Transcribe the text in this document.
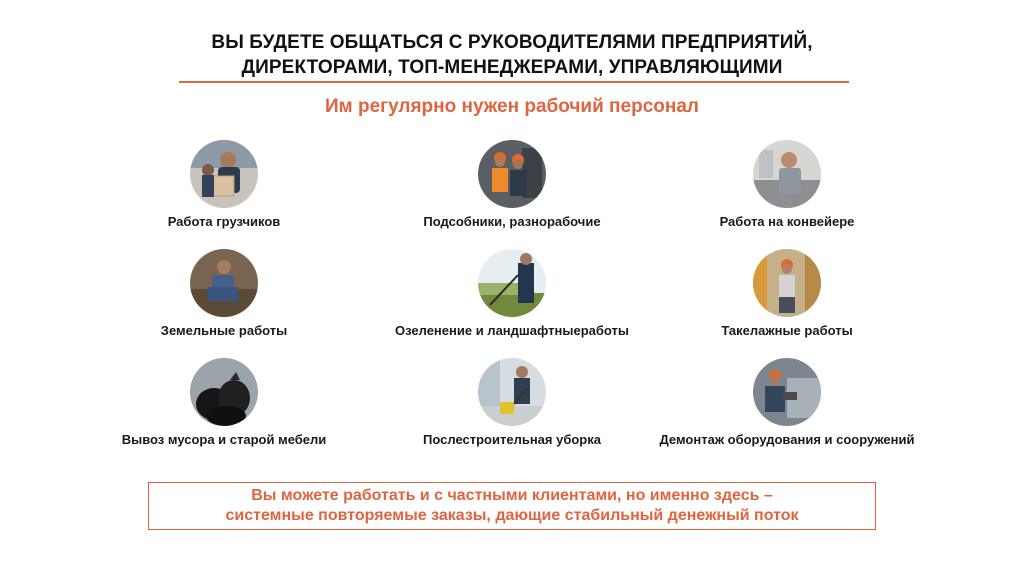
ВЫ БУДЕТЕ ОБЩАТЬСЯ С РУКОВОДИТЕЛЯМИ ПРЕДПРИЯТИЙ,
ДИРЕКТОРАМИ, ТОП-МЕНЕДЖЕРАМИ, УПРАВЛЯЮЩИМИ
Им регулярно нужен рабочий персонал
Работа грузчиков	Подсобники, разнорабочие	Работа на конвейере
Земельные работы	Озеленение и ландшафтныеработы	Такелажные работы
Вывоз мусора и старой мебели	Послестроительная уборка	Демонтаж оборудования и сооружений
Вы можете работать и с частными клиентами, но именно здесь –
системные повторяемые заказы, дающие стабильный денежный поток
